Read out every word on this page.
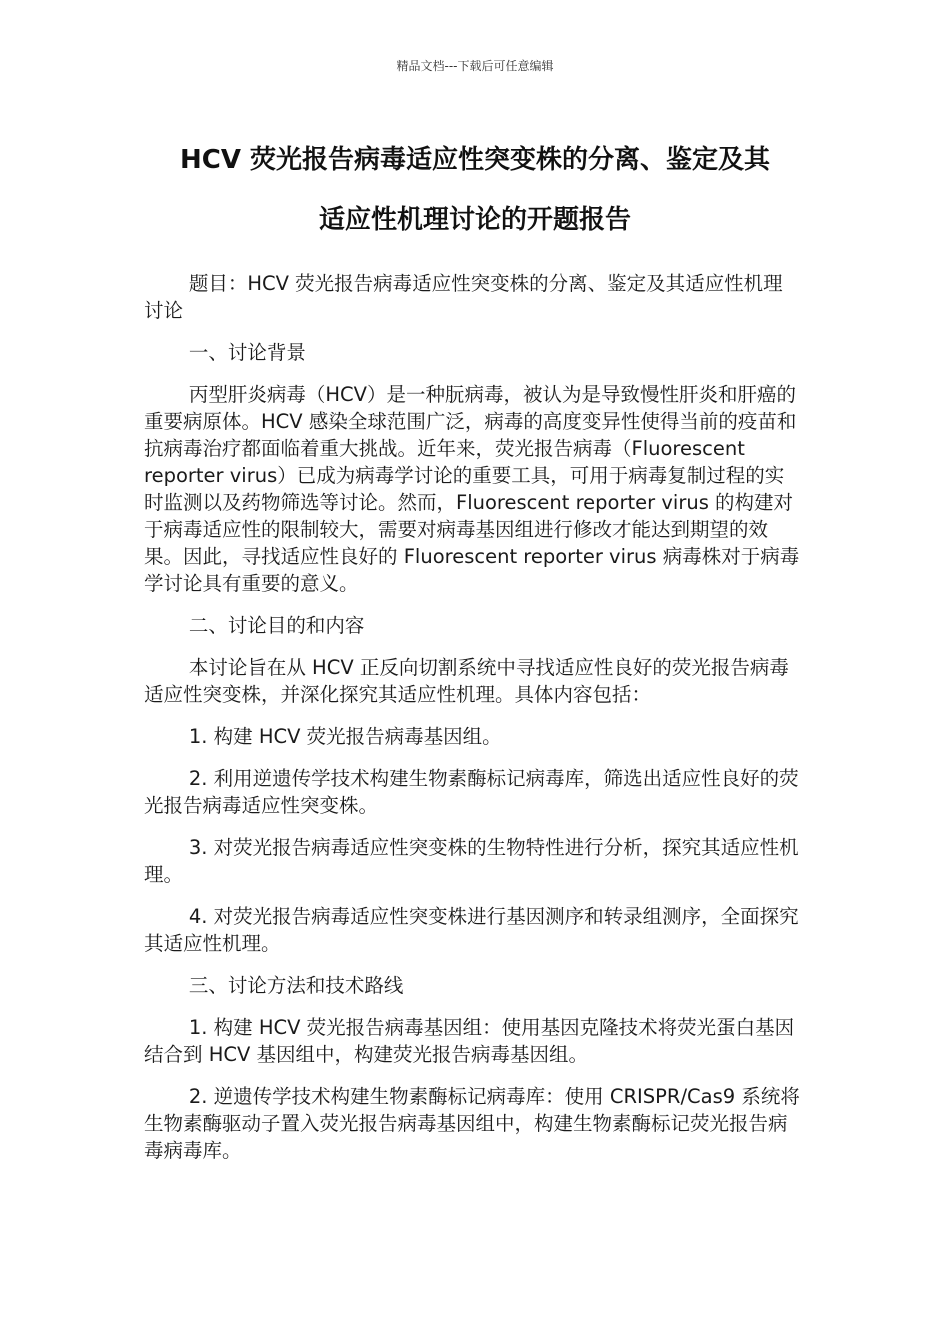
精品文档---下载后可任意编辑
HCV 荧光报告病毒适应性突变株的分离、鉴定及其
适应性机理讨论的开题报告

题目：HCV 荧光报告病毒适应性突变株的分离、鉴定及其适应性机理讨论

一、讨论背景

丙型肝炎病毒（HCV）是一种朊病毒，被认为是导致慢性肝炎和肝癌的重要病原体。HCV 感染全球范围广泛，病毒的高度变异性使得当前的疫苗和抗病毒治疗都面临着重大挑战。近年来，荧光报告病毒（Fluorescent reporter virus）已成为病毒学讨论的重要工具，可用于病毒复制过程的实时监测以及药物筛选等讨论。然而，Fluorescent reporter virus 的构建对于病毒适应性的限制较大，需要对病毒基因组进行修改才能达到期望的效果。因此，寻找适应性良好的 Fluorescent reporter virus 病毒株对于病毒学讨论具有重要的意义。

二、讨论目的和内容

本讨论旨在从 HCV 正反向切割系统中寻找适应性良好的荧光报告病毒适应性突变株，并深化探究其适应性机理。具体内容包括：

1. 构建 HCV 荧光报告病毒基因组。

2. 利用逆遗传学技术构建生物素酶标记病毒库，筛选出适应性良好的荧光报告病毒适应性突变株。

3. 对荧光报告病毒适应性突变株的生物特性进行分析，探究其适应性机理。

4. 对荧光报告病毒适应性突变株进行基因测序和转录组测序，全面探究其适应性机理。

三、讨论方法和技术路线

1. 构建 HCV 荧光报告病毒基因组：使用基因克隆技术将荧光蛋白基因结合到 HCV 基因组中，构建荧光报告病毒基因组。

2. 逆遗传学技术构建生物素酶标记病毒库：使用 CRISPR/Cas9 系统将生物素酶驱动子置入荧光报告病毒基因组中，构建生物素酶标记荧光报告病毒病毒库。
